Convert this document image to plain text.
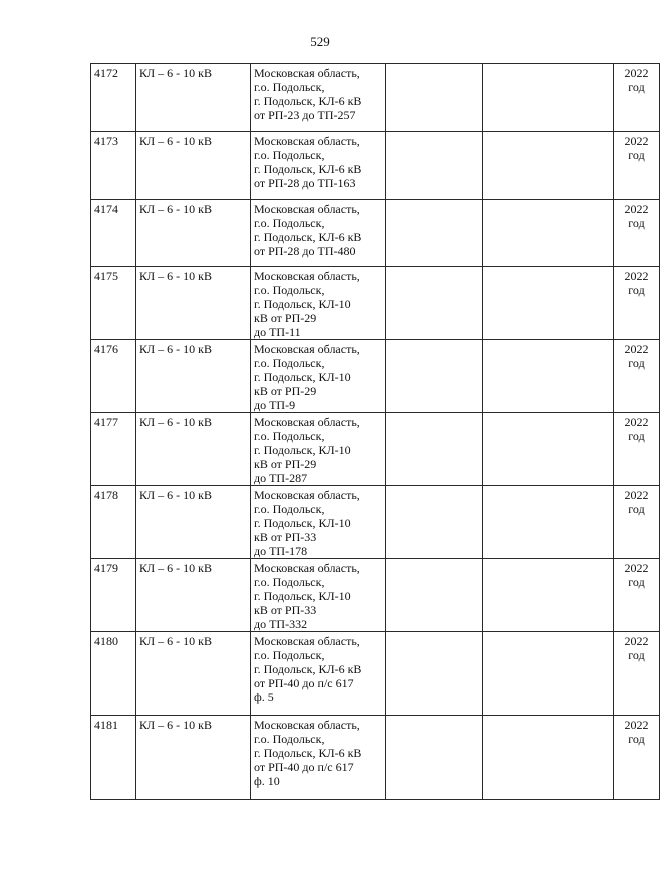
529
4172	КЛ – 6 - 10 кВ	Московская область,
г.о. Подольск,
г. Подольск, КЛ-6 кВ
от РП-23 до ТП-257			2022
год
4173	КЛ – 6 - 10 кВ	Московская область,
г.о. Подольск,
г. Подольск, КЛ-6 кВ
от РП-28 до ТП-163			2022
год
4174	КЛ – 6 - 10 кВ	Московская область,
г.о. Подольск,
г. Подольск, КЛ-6 кВ
от РП-28 до ТП-480			2022
год
4175	КЛ – 6 - 10 кВ	Московская область,
г.о. Подольск,
г. Подольск, КЛ-10
кВ от РП-29
до ТП-11			2022
год
4176	КЛ – 6 - 10 кВ	Московская область,
г.о. Подольск,
г. Подольск, КЛ-10
кВ от РП-29
до ТП-9			2022
год
4177	КЛ – 6 - 10 кВ	Московская область,
г.о. Подольск,
г. Подольск, КЛ-10
кВ от РП-29
до ТП-287			2022
год
4178	КЛ – 6 - 10 кВ	Московская область,
г.о. Подольск,
г. Подольск, КЛ-10
кВ от РП-33
до ТП-178			2022
год
4179	КЛ – 6 - 10 кВ	Московская область,
г.о. Подольск,
г. Подольск, КЛ-10
кВ от РП-33
до ТП-332			2022
год
4180	КЛ – 6 - 10 кВ	Московская область,
г.о. Подольск,
г. Подольск, КЛ-6 кВ
от РП-40 до п/с 617
ф. 5			2022
год
4181	КЛ – 6 - 10 кВ	Московская область,
г.о. Подольск,
г. Подольск, КЛ-6 кВ
от РП-40 до п/с 617
ф. 10			2022
год
